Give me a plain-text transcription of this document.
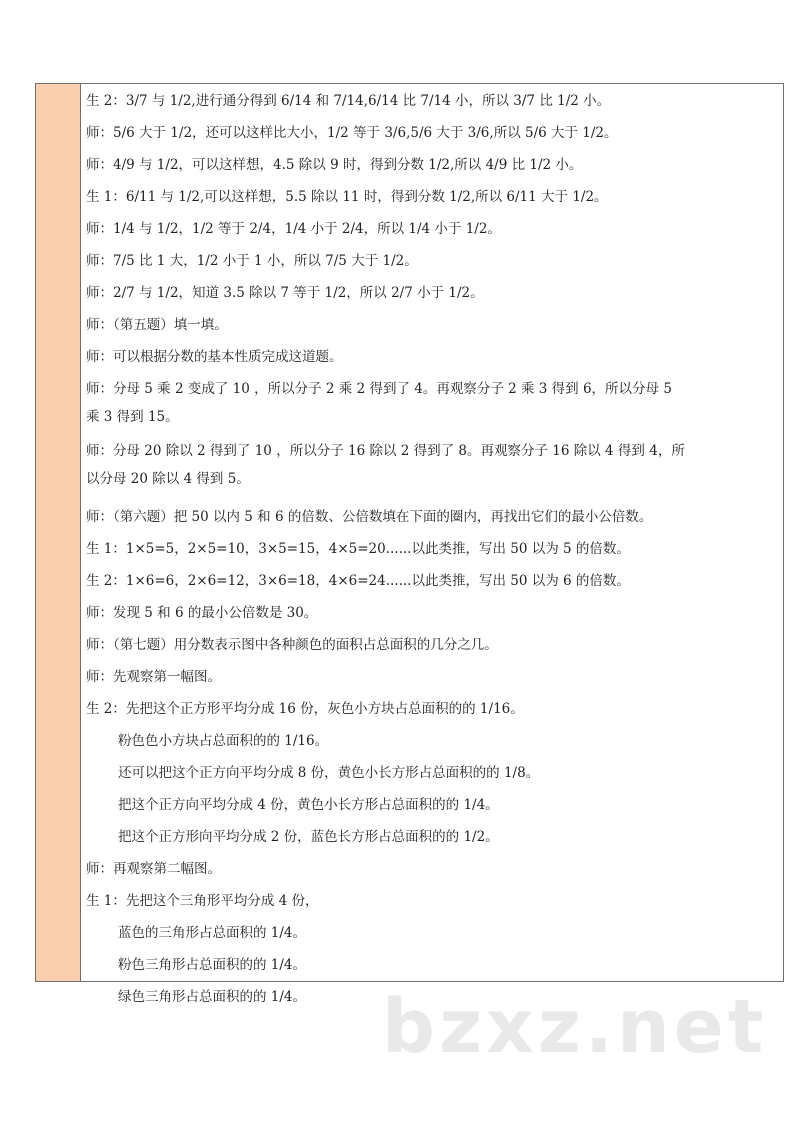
生 2：3/7 与 1/2,进行通分得到 6/14 和 7/14,6/14 比 7/14 小，所以 3/7 比 1/2 小。
师：5/6 大于 1/2，还可以这样比大小，1/2 等于 3/6,5/6 大于 3/6,所以 5/6 大于 1/2。
师：4/9 与 1/2，可以这样想，4.5 除以 9 时，得到分数 1/2,所以 4/9 比 1/2 小。
生 1：6/11 与 1/2,可以这样想，5.5 除以 11 时，得到分数 1/2,所以 6/11 大于 1/2。
师：1/4 与 1/2，1/2 等于 2/4，1/4 小于 2/4，所以 1/4 小于 1/2。
师：7/5 比 1 大，1/2 小于 1 小，所以 7/5 大于 1/2。
师：2/7 与 1/2，知道 3.5 除以 7 等于 1/2，所以 2/7 小于 1/2。
师：（第五题）填一填。
师：可以根据分数的基本性质完成这道题。
师：分母 5 乘 2 变成了 10 ，所以分子 2 乘 2 得到了 4。再观察分子 2 乘 3 得到 6，所以分母 5
乘 3 得到 15。
师：分母 20 除以 2 得到了 10 ，所以分子 16 除以 2 得到了 8。再观察分子 16 除以 4 得到 4，所
以分母 20 除以 4 得到 5。
师：（第六题）把 50 以内 5 和 6 的倍数、公倍数填在下面的圈内，再找出它们的最小公倍数。
生 1：1×5=5，2×5=10，3×5=15，4×5=20......以此类推，写出 50 以为 5 的倍数。
生 2：1×6=6，2×6=12，3×6=18，4×6=24......以此类推，写出 50 以为 6 的倍数。
师：发现 5 和 6 的最小公倍数是 30。
师：（第七题）用分数表示图中各种颜色的面积占总面积的几分之几。
师：先观察第一幅图。
生 2：先把这个正方形平均分成 16 份，灰色小方块占总面积的的 1/16。
粉色色小方块占总面积的的 1/16。
还可以把这个正方向平均分成 8 份，黄色小长方形占总面积的的 1/8。
把这个正方向平均分成 4 份，黄色小长方形占总面积的的 1/4。
把这个正方形向平均分成 2 份，蓝色长方形占总面积的的 1/2。
师：再观察第二幅图。
生 1：先把这个三角形平均分成 4 份，
蓝色的三角形占总面积的 1/4。
粉色三角形占总面积的的 1/4。
绿色三角形占总面积的的 1/4。 bzxz.net
